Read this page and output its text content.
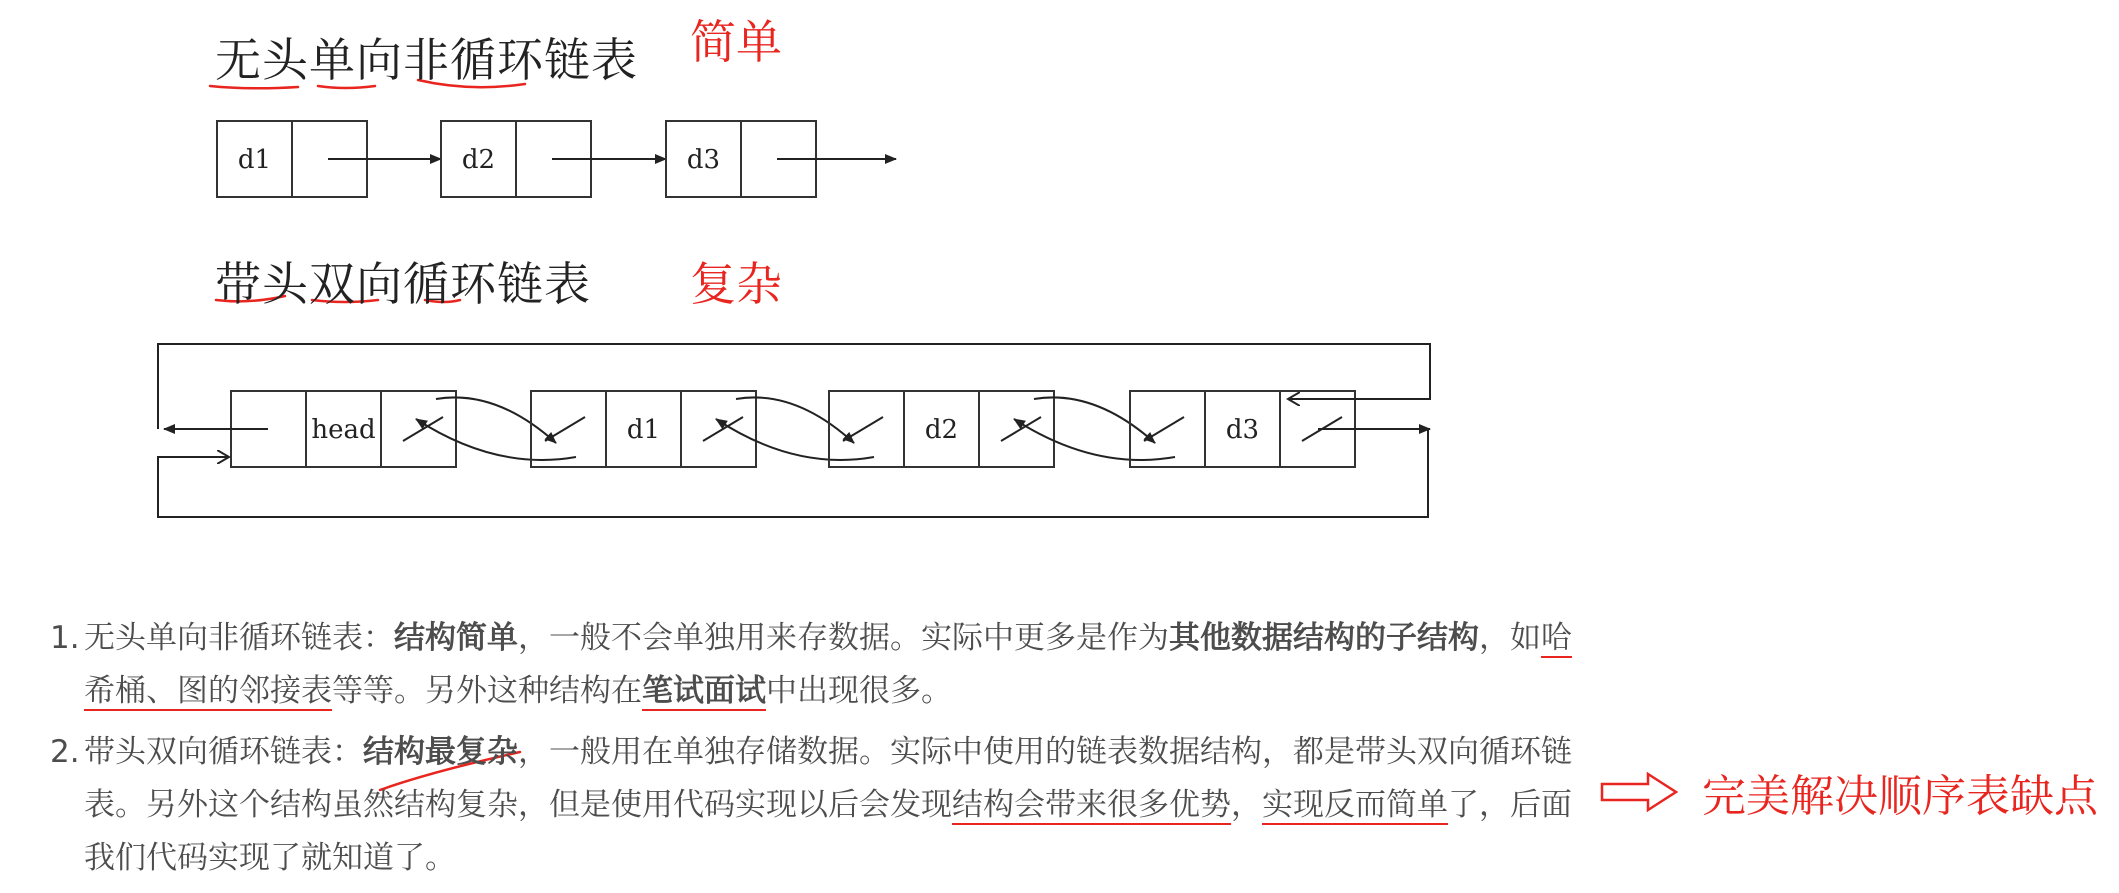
d1	d2	d3
head	d1	d2	d3
无头单向非循环链表 简单
带头双向循环链表 复杂
1. 无头单向非循环链表：结构简单，一般不会单独用来存数据。实际中更多是作为其他数据结构的子结构，如哈希桶、图的邻接表等等。另外这种结构在笔试面试中出现很多。
2. 带头双向循环链表：结构最复杂，一般用在单独存储数据。实际中使用的链表数据结构，都是带头双向循环链表。另外这个结构虽然结构复杂，但是使用代码实现以后会发现结构会带来很多优势，实现反而简单了，后面我们代码实现了就知道了。
完美解决顺序表缺点
